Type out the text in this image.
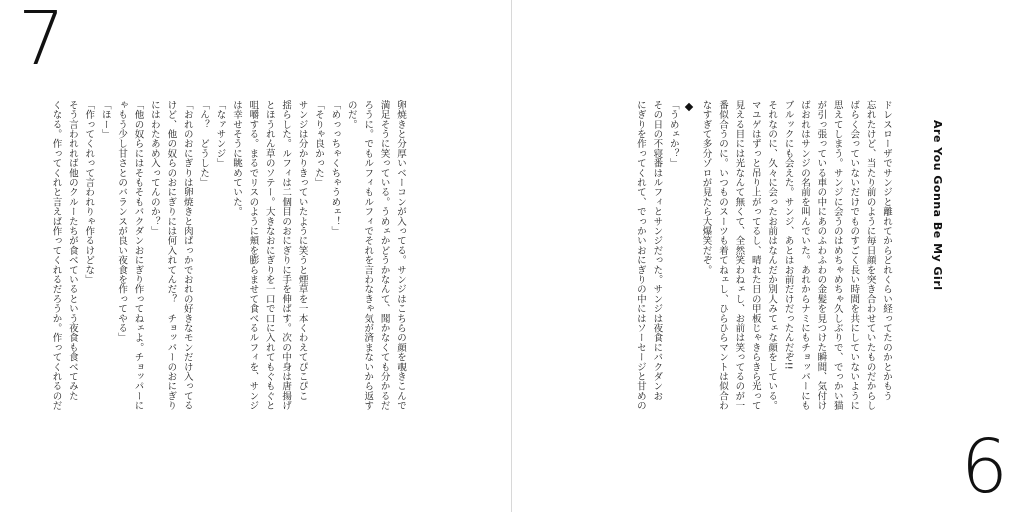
7

卵焼きと分厚いベーコンが入ってる。サンジはこちらの顔を覗きこんで

満足そうに笑っている。うめェかどうかなんて、聞かなくても分かるだ

ろうに。でもルフィもルフィでそれを言わなきゃ気が済まないから返す

のだ。

「めっっちゃくちゃうめェ！」

「そりゃ良かった」

サンジは分かりきっていたように笑うと煙草を一本くわえてぴこぴこ

揺らした。ルフィは二個目のおにぎりに手を伸ばす。次の中身は唐揚げ

とほうれん草のソテー。大きなおにぎりを一口で口に入れてもぐもぐと

咀嚼する。まるでリスのように頬を膨らませて食べるルフィを、サンジ

は幸せそうに眺めていた。

「なァサンジ」

「ん？　どうした」

「おれのおにぎりは卵焼きと肉ばっかでおれの好きなモンだけ入ってる

けど、他の奴らのおにぎりには何入れてんだ？　チョッパーのおにぎり

にはわたあめ入ってんのか？」

「他の奴らにはそもそもバクダンおにぎり作ってねェよ。チョッパーに

ゃもう少し甘さとのバランスが良い夜食を作ってやる」

「ほー」

「作ってくれって言われりゃ作るけどな」

そう言われれば他のクルーたちが食べているという夜食も食べてみた

くなる。作ってくれと言えば作ってくれるだろうか。作ってくれるのだ	Are You Gonna Be My Girl

ドレスローザでサンジと離れてからどれくらい経ってたのかとかもう

忘れたけど、当たり前のように毎日顔を突き合わせていたものだからし

ばらく会っていないだけでものすごく長い時間を共にしていないように

思えてしまう。サンジに会うのはめちゃめちゃ久しぶりで、でっかい猫

が引っ張っている車の中にあのふわふわの金髪を見つけた瞬間、気付け

ばおれはサンジの名前を叫んでいた。あれからナミにもチョッパーにも

ブルックにも会えた。サンジ、あとはお前だけだったんだぞ!!

それなのに、久々に会ったお前はなんだか別人みてェな顔をしている。

マユゲはずっと吊り上がってるし、晴れた日の甲板じゃきらきら光って

見える目には光なんて無くて、全然笑わねェし、お前は笑ってるのが一

番似合うのに。いつものスーツも着てねェし、ひらひらマントは似合わ

なすぎて多分ゾロが見たら大爆笑だぞ。

「うめェか？」

その日の不寝番はルフィとサンジだった。サンジは夜食にバクダンお

にぎりを作ってくれて、でっかいおにぎりの中にはソーセージと甘めの

6
